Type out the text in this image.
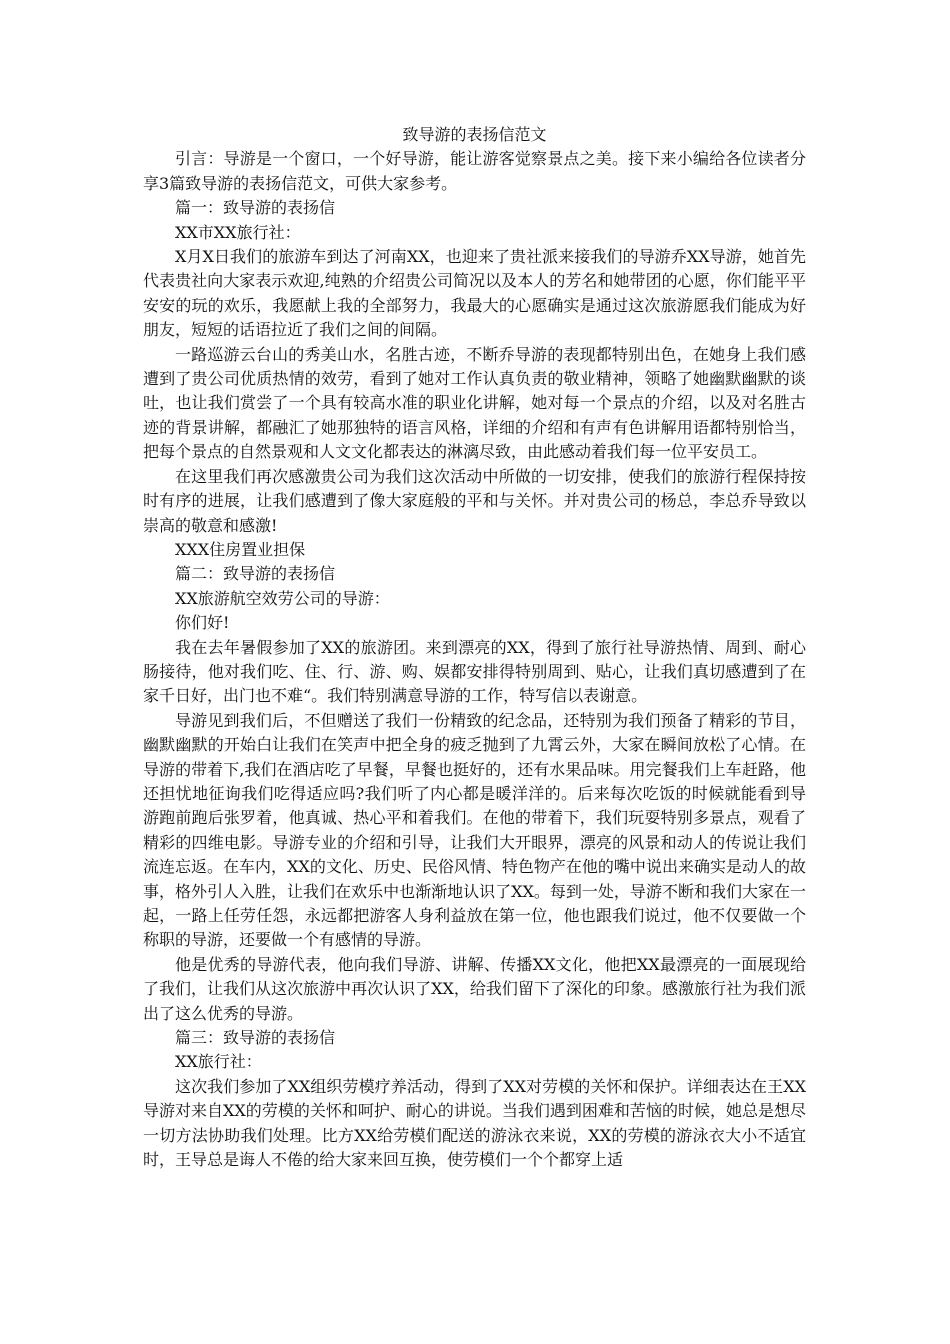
致导游的表扬信范文

引言：导游是一个窗口，一个好导游，能让游客觉察景点之美。接下来小编给各位读者分享3篇致导游的表扬信范文，可供大家参考。

篇一：致导游的表扬信

XX市XX旅行社：

X月X日我们的旅游车到达了河南XX，也迎来了贵社派来接我们的导游乔XX导游，她首先代表贵社向大家表示欢迎,纯熟的介绍贵公司简况以及本人的芳名和她带团的心愿，你们能平平安安的玩的欢乐，我愿献上我的全部努力，我最大的心愿确实是通过这次旅游愿我们能成为好朋友，短短的话语拉近了我们之间的间隔。

一路巡游云台山的秀美山水，名胜古迹，不断乔导游的表现都特别出色，在她身上我们感遭到了贵公司优质热情的效劳，看到了她对工作认真负责的敬业精神，领略了她幽默幽默的谈吐，也让我们赏尝了一个具有较高水准的职业化讲解，她对每一个景点的介绍，以及对名胜古迹的背景讲解，都融汇了她那独特的语言风格，详细的介绍和有声有色讲解用语都特别恰当，把每个景点的自然景观和人文文化都表达的淋漓尽致，由此感动着我们每一位平安员工。

在这里我们再次感激贵公司为我们这次活动中所做的一切安排，使我们的旅游行程保持按时有序的进展，让我们感遭到了像大家庭般的平和与关怀。并对贵公司的杨总，李总乔导致以崇高的敬意和感激!

XXX住房置业担保

篇二：致导游的表扬信

XX旅游航空效劳公司的导游：

你们好!

我在去年暑假参加了XX的旅游团。来到漂亮的XX，得到了旅行社导游热情、周到、耐心肠接待，他对我们吃、住、行、游、购、娱都安排得特别周到、贴心，让我们真切感遭到了在家千日好，出门也不难“。我们特别满意导游的工作，特写信以表谢意。

导游见到我们后，不但赠送了我们一份精致的纪念品，还特别为我们预备了精彩的节目，幽默幽默的开始白让我们在笑声中把全身的疲乏抛到了九霄云外，大家在瞬间放松了心情。在导游的带着下,我们在酒店吃了早餐，早餐也挺好的，还有水果品味。用完餐我们上车赶路，他还担忧地征询我们吃得适应吗?我们听了内心都是暖洋洋的。后来每次吃饭的时候就能看到导游跑前跑后张罗着，他真诚、热心平和着我们。在他的带着下，我们玩耍特别多景点，观看了精彩的四维电影。导游专业的介绍和引导，让我们大开眼界，漂亮的风景和动人的传说让我们流连忘返。在车内，XX的文化、历史、民俗风情、特色物产在他的嘴中说出来确实是动人的故事，格外引人入胜，让我们在欢乐中也渐渐地认识了XX。每到一处，导游不断和我们大家在一起，一路上任劳任怨，永远都把游客人身利益放在第一位，他也跟我们说过，他不仅要做一个称职的导游，还要做一个有感情的导游。

他是优秀的导游代表，他向我们导游、讲解、传播XX文化，他把XX最漂亮的一面展现给了我们，让我们从这次旅游中再次认识了XX，给我们留下了深化的印象。感激旅行社为我们派出了这么优秀的导游。

篇三：致导游的表扬信

XX旅行社：

这次我们参加了XX组织劳模疗养活动，得到了XX对劳模的关怀和保护。详细表达在王XX导游对来自XX的劳模的关怀和呵护、耐心的讲说。当我们遇到困难和苦恼的时候，她总是想尽一切方法协助我们处理。比方XX给劳模们配送的游泳衣来说，XX的劳模的游泳衣大小不适宜时，王导总是诲人不倦的给大家来回互换，使劳模们一个个都穿上适
